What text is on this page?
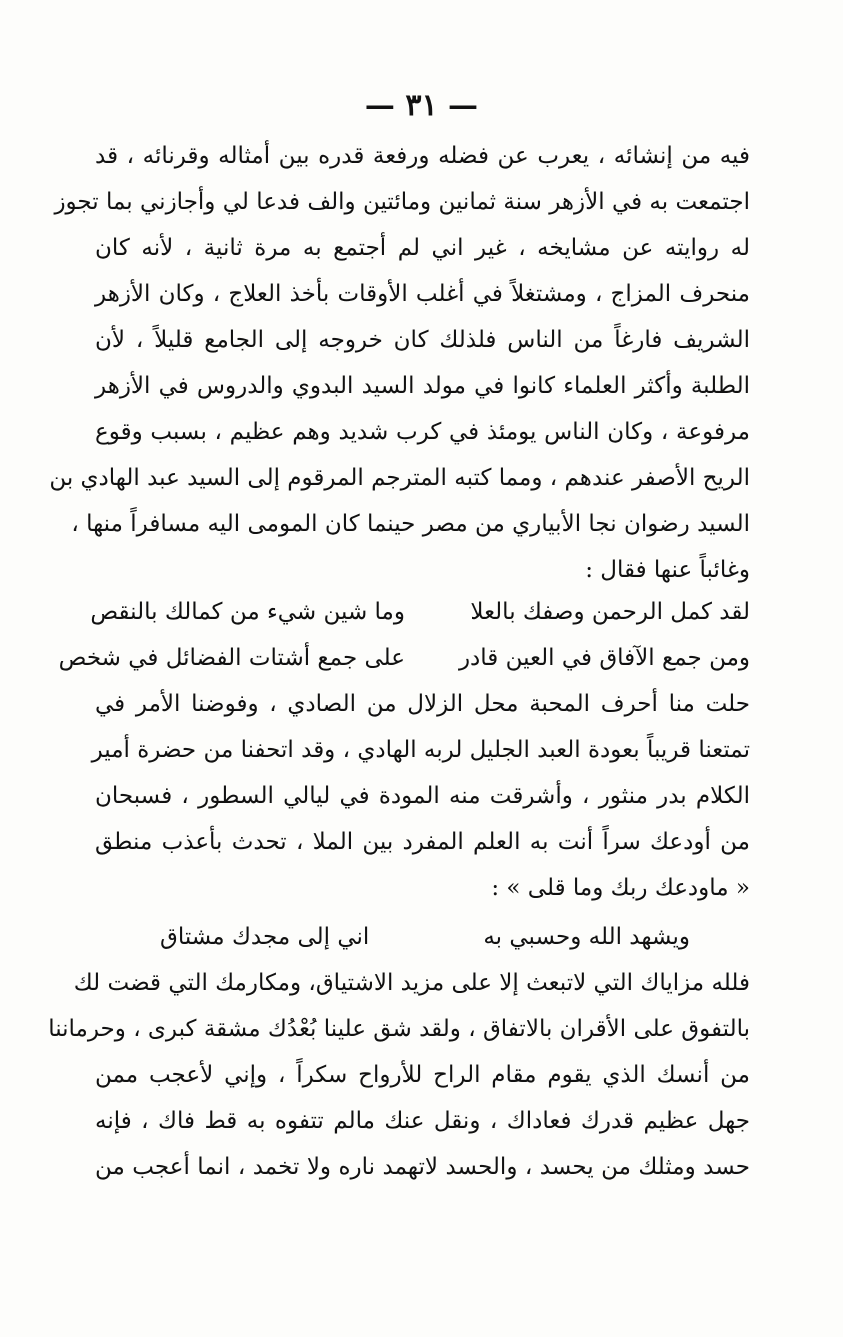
— ٣١ —
فيه من إنشائه ، يعرب عن فضله ورفعة قدره بين أمثاله وقرنائه ، قد
اجتمعت به في الأزهر سنة ثمانين ومائتين والف فدعا لي وأجازني بما تجوز
له روايته عن مشايخه ، غير اني لم أجتمع به مرة ثانية ، لأنه كان
منحرف المزاج ، ومشتغلاً في أغلب الأوقات بأخذ العلاج ، وكان الأزهر
الشريف فارغاً من الناس فلذلك كان خروجه إلى الجامع قليلاً ، لأن
الطلبة وأكثر العلماء كانوا في مولد السيد البدوي والدروس في الأزهر
مرفوعة ، وكان الناس يومئذ في كرب شديد وهم عظيم ، بسبب وقوع
الريح الأصفر عندهم ، ومما كتبه المترجم المرقوم إلى السيد عبد الهادي بن
السيد رضوان نجا الأبياري من مصر حينما كان المومى اليه مسافراً منها ،
وغائباً عنها فقال :
لقد كمل الرحمن وصفك بالعلا
وما شين شيء من كمالك بالنقص
ومن جمع الآفاق في العين قادر
على جمع أشتات الفضائل في شخص
حلت منا أحرف المحبة محل الزلال من الصادي ، وفوضنا الأمر في
تمتعنا قريباً بعودة العبد الجليل لربه الهادي ، وقد اتحفنا من حضرة أمير
الكلام بدر منثور ، وأشرقت منه المودة في ليالي السطور ، فسبحان
من أودعك سراً أنت به العلم المفرد بين الملا ، تحدث بأعذب منطق
« ماودعك ربك وما قلى » :
ويشهد الله وحسبي به
اني إلى مجدك مشتاق
فلله مزاياك التي لاتبعث إلا على مزيد الاشتياق، ومكارمك التي قضت لك
بالتفوق على الأقران بالاتفاق ، ولقد شق علينا بُعْدُك مشقة كبرى ، وحرماننا
من أنسك الذي يقوم مقام الراح للأرواح سكراً ، وإني لأعجب ممن
جهل عظيم قدرك فعاداك ، ونقل عنك مالم تتفوه به قط فاك ، فإنه
حسد ومثلك من يحسد ، والحسد لاتهمد ناره ولا تخمد ، انما أعجب من
